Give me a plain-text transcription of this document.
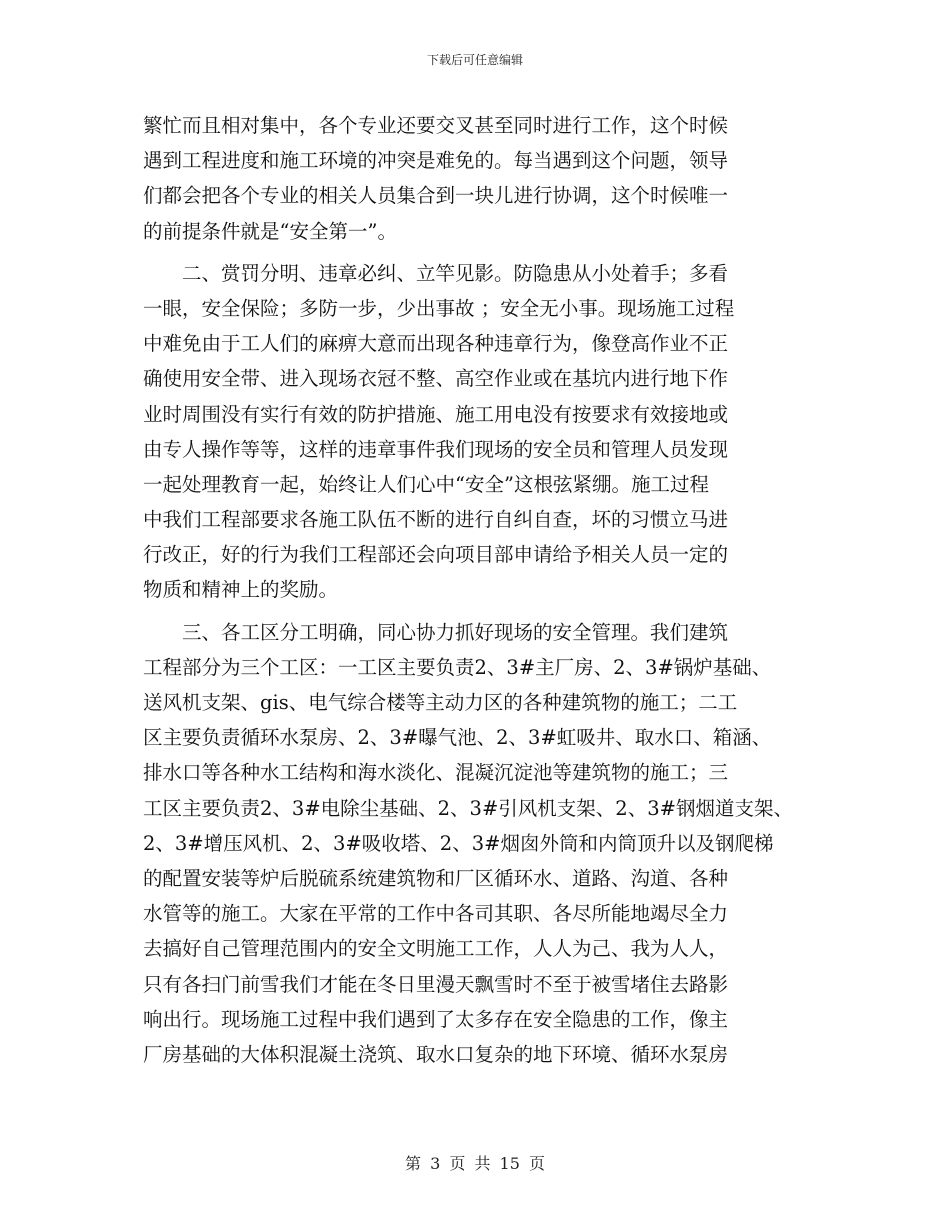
下载后可任意编辑
繁忙而且相对集中，各个专业还要交叉甚至同时进行工作，这个时候
遇到工程进度和施工环境的冲突是难免的。每当遇到这个问题，领导
们都会把各个专业的相关人员集合到一块儿进行协调，这个时候唯一
的前提条件就是“安全第一”。
二、赏罚分明、违章必纠、立竿见影。防隐患从小处着手；多看
一眼，安全保险；多防一步，少出事故 ；安全无小事。现场施工过程
中难免由于工人们的麻痹大意而出现各种违章行为，像登高作业不正
确使用安全带、进入现场衣冠不整、高空作业或在基坑内进行地下作
业时周围没有实行有效的防护措施、施工用电没有按要求有效接地或
由专人操作等等，这样的违章事件我们现场的安全员和管理人员发现
一起处理教育一起，始终让人们心中“安全”这根弦紧绷。施工过程
中我们工程部要求各施工队伍不断的进行自纠自查，坏的习惯立马进
行改正，好的行为我们工程部还会向项目部申请给予相关人员一定的
物质和精神上的奖励。
三、各工区分工明确，同心协力抓好现场的安全管理。我们建筑
工程部分为三个工区：一工区主要负责2、3#主厂房、2、3#锅炉基础、
送风机支架、gis、电气综合楼等主动力区的各种建筑物的施工；二工
区主要负责循环水泵房、2、3#曝气池、2、3#虹吸井、取水口、箱涵、
排水口等各种水工结构和海水淡化、混凝沉淀池等建筑物的施工；三
工区主要负责2、3#电除尘基础、2、3#引风机支架、2、3#钢烟道支架、
2、3#增压风机、2、3#吸收塔、2、3#烟囱外筒和内筒顶升以及钢爬梯
的配置安装等炉后脱硫系统建筑物和厂区循环水、道路、沟道、各种
水管等的施工。大家在平常的工作中各司其职、各尽所能地竭尽全力
去搞好自己管理范围内的安全文明施工工作，人人为己、我为人人，
只有各扫门前雪我们才能在冬日里漫天飘雪时不至于被雪堵住去路影
响出行。现场施工过程中我们遇到了太多存在安全隐患的工作，像主
厂房基础的大体积混凝土浇筑、取水口复杂的地下环境、循环水泵房
第 3 页 共 15 页
